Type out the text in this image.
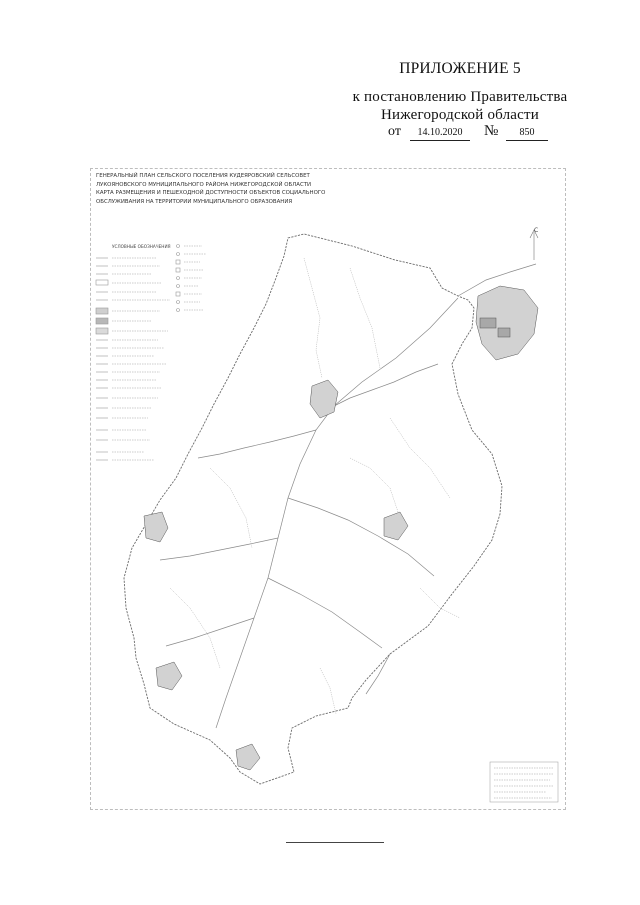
ПРИЛОЖЕНИЕ 5
к постановлению Правительства
Нижегородской области
от	14.10.2020	№	850
ГЕНЕРАЛЬНЫЙ ПЛАН СЕЛЬСКОГО ПОСЕЛЕНИЯ КУДЕЯРОВСКИЙ СЕЛЬСОВЕТ
ЛУКОЯНОВСКОГО МУНИЦИПАЛЬНОГО РАЙОНА НИЖЕГОРОДСКОЙ ОБЛАСТИ
КАРТА РАЗМЕЩЕНИЯ И ПЕШЕХОДНОЙ ДОСТУПНОСТИ ОБЪЕКТОВ СОЦИАЛЬНОГО
ОБСЛУЖИВАНИЯ НА ТЕРРИТОРИИ МУНИЦИПАЛЬНОГО ОБРАЗОВАНИЯ
УСЛОВНЫЕ ОБОЗНАЧЕНИЯ
С
